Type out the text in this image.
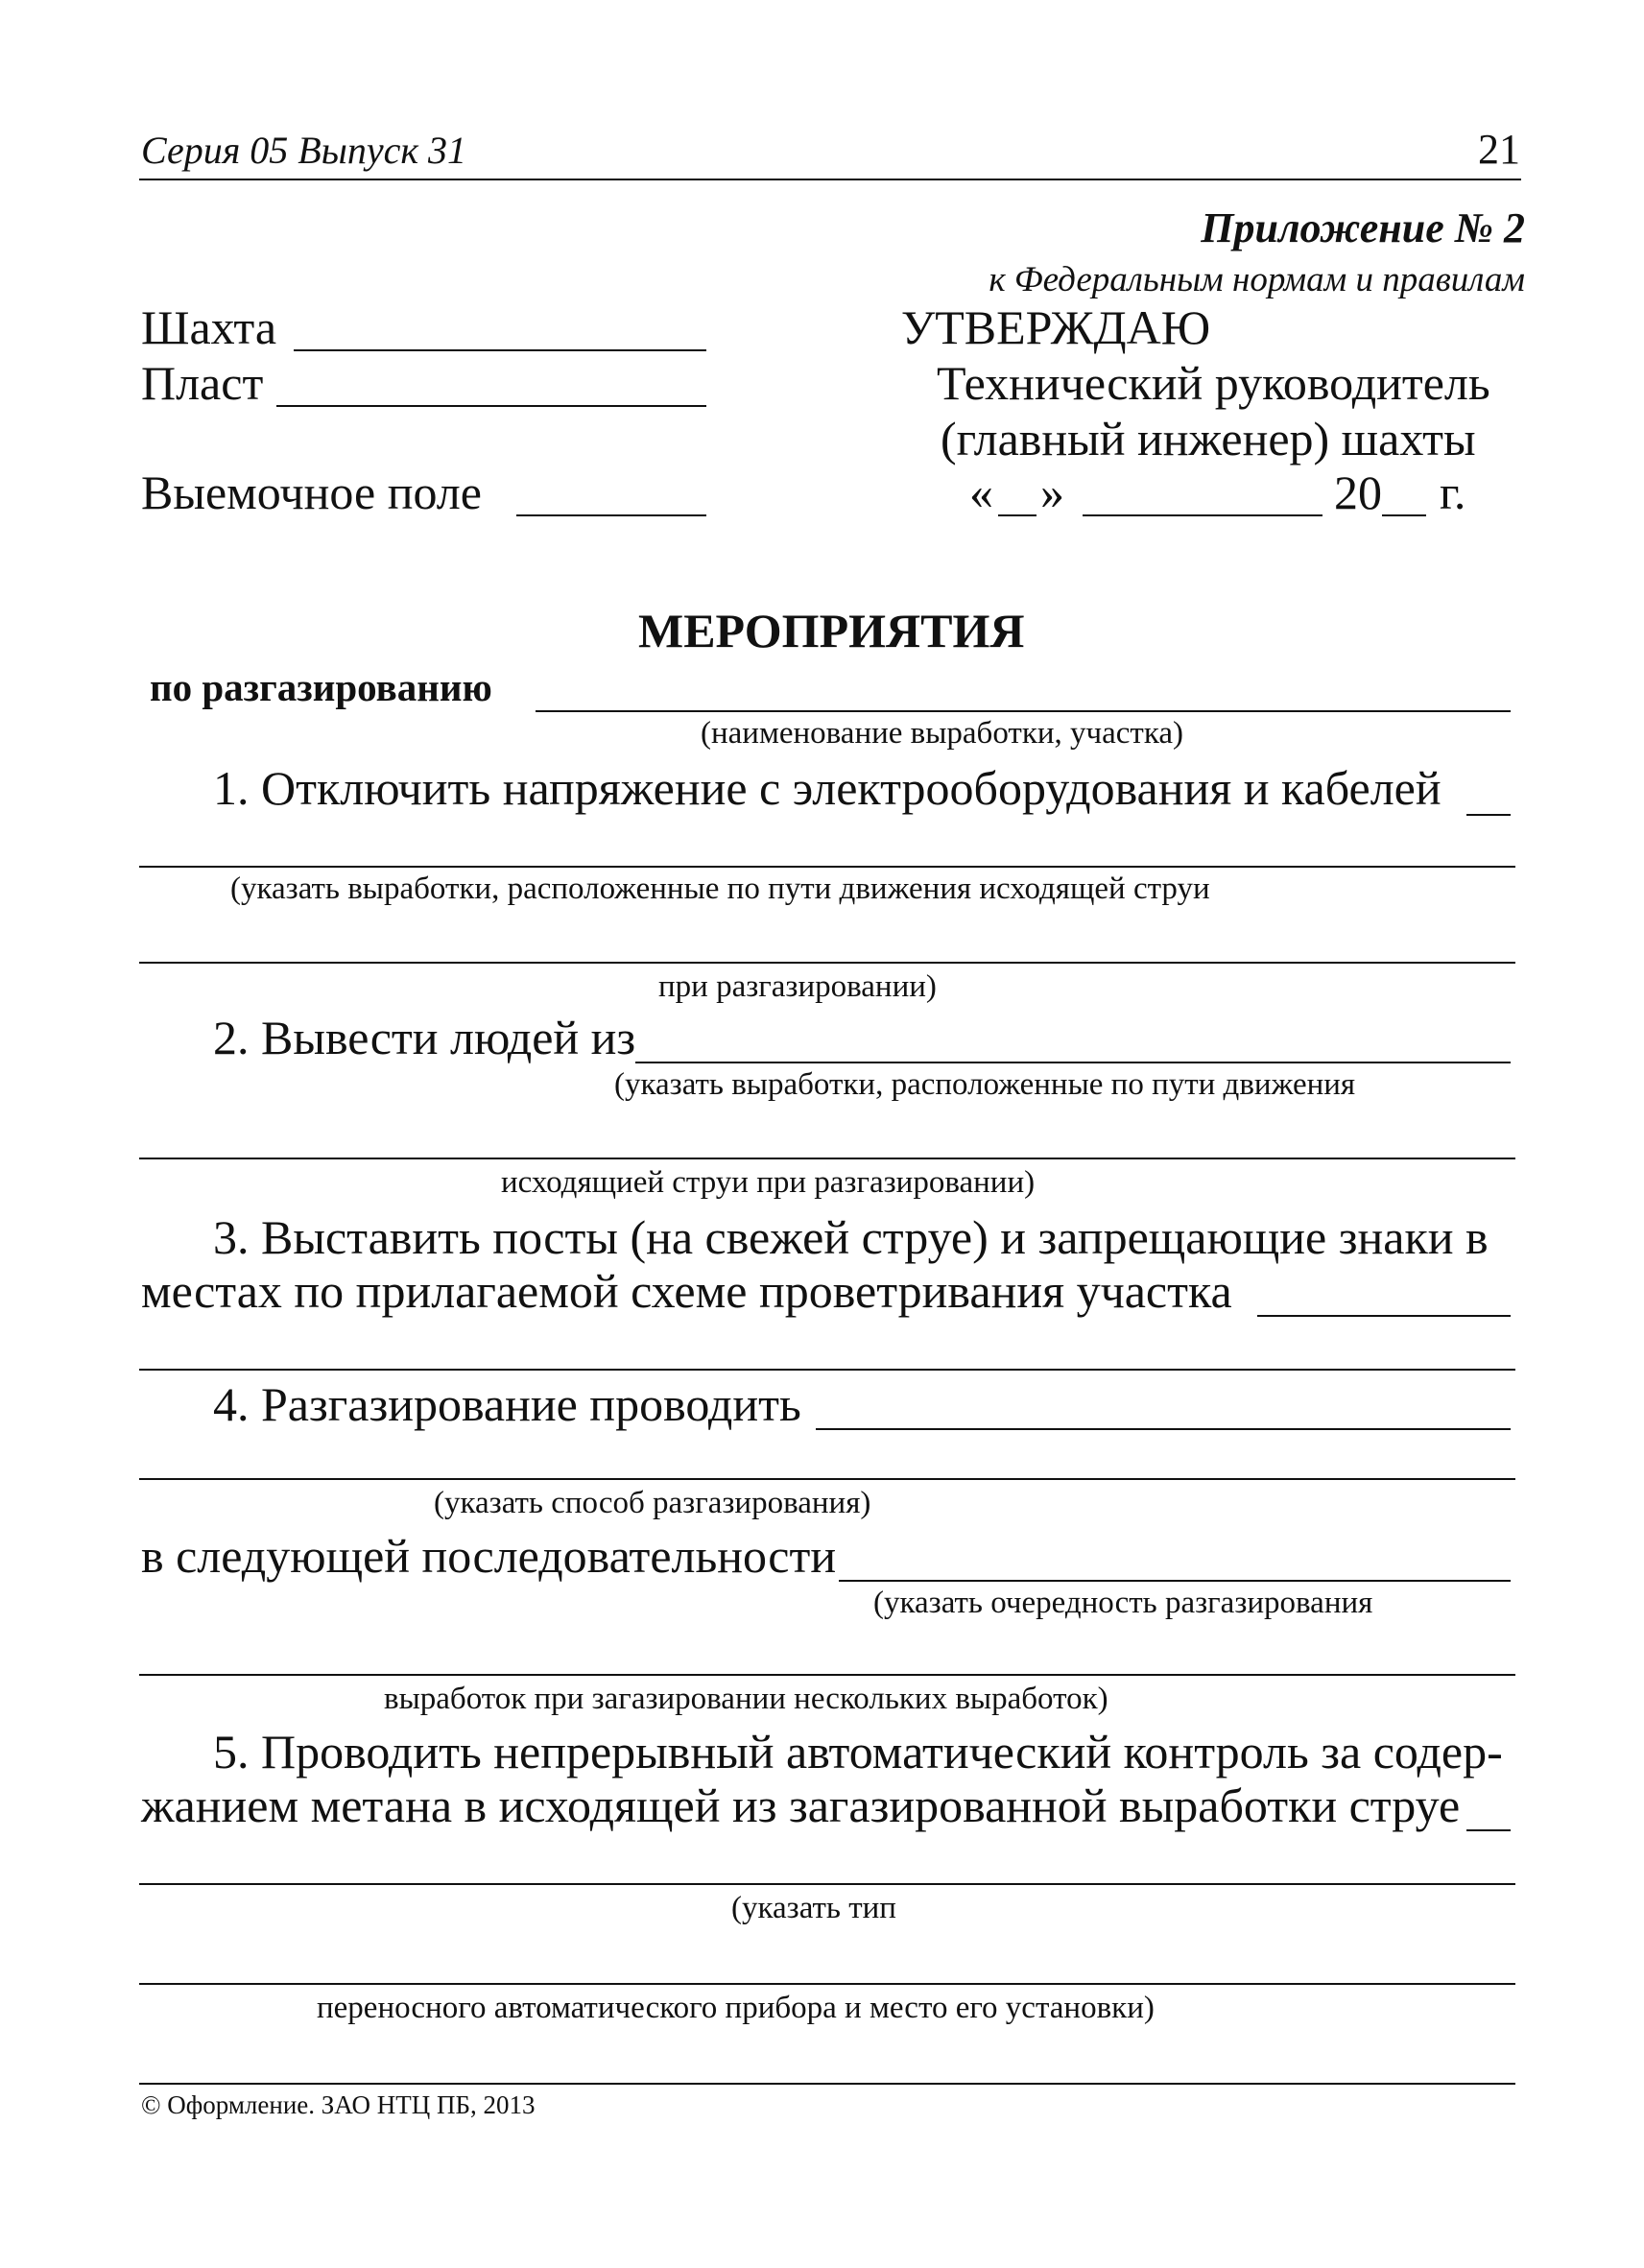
Серия 05 Выпуск 31	21
Приложение № 2
к Федеральным нормам и правилам
Шахта
Пласт
Выемочное поле
УТВЕРЖДАЮ
Технический руководитель
(главный инженер) шахты
« »	20 г.
МЕРОПРИЯТИЯ
по разгазированию
(наименование выработки, участка)
1. Отключить напряжение с электрооборудования и кабелей
(указать выработки, расположенные по пути движения исходящей струи
при разгазировании)
2. Вывести людей из
(указать выработки, расположенные по пути движения
исходящией струи при разгазировании)
3. Выставить посты (на свежей струе) и запрещающие знаки в
местах по прилагаемой схеме проветривания участка
4. Разгазирование проводить
(указать способ разгазирования)
в следующей последовательности
(указать очередность разгазирования
выработок при загазировании нескольких выработок)
5. Проводить непрерывный автоматический контроль за содер-
жанием метана в исходящей из загазированной выработки струе
(указать тип
переносного автоматического прибора и место его установки)
© Оформление. ЗАО НТЦ ПБ, 2013
